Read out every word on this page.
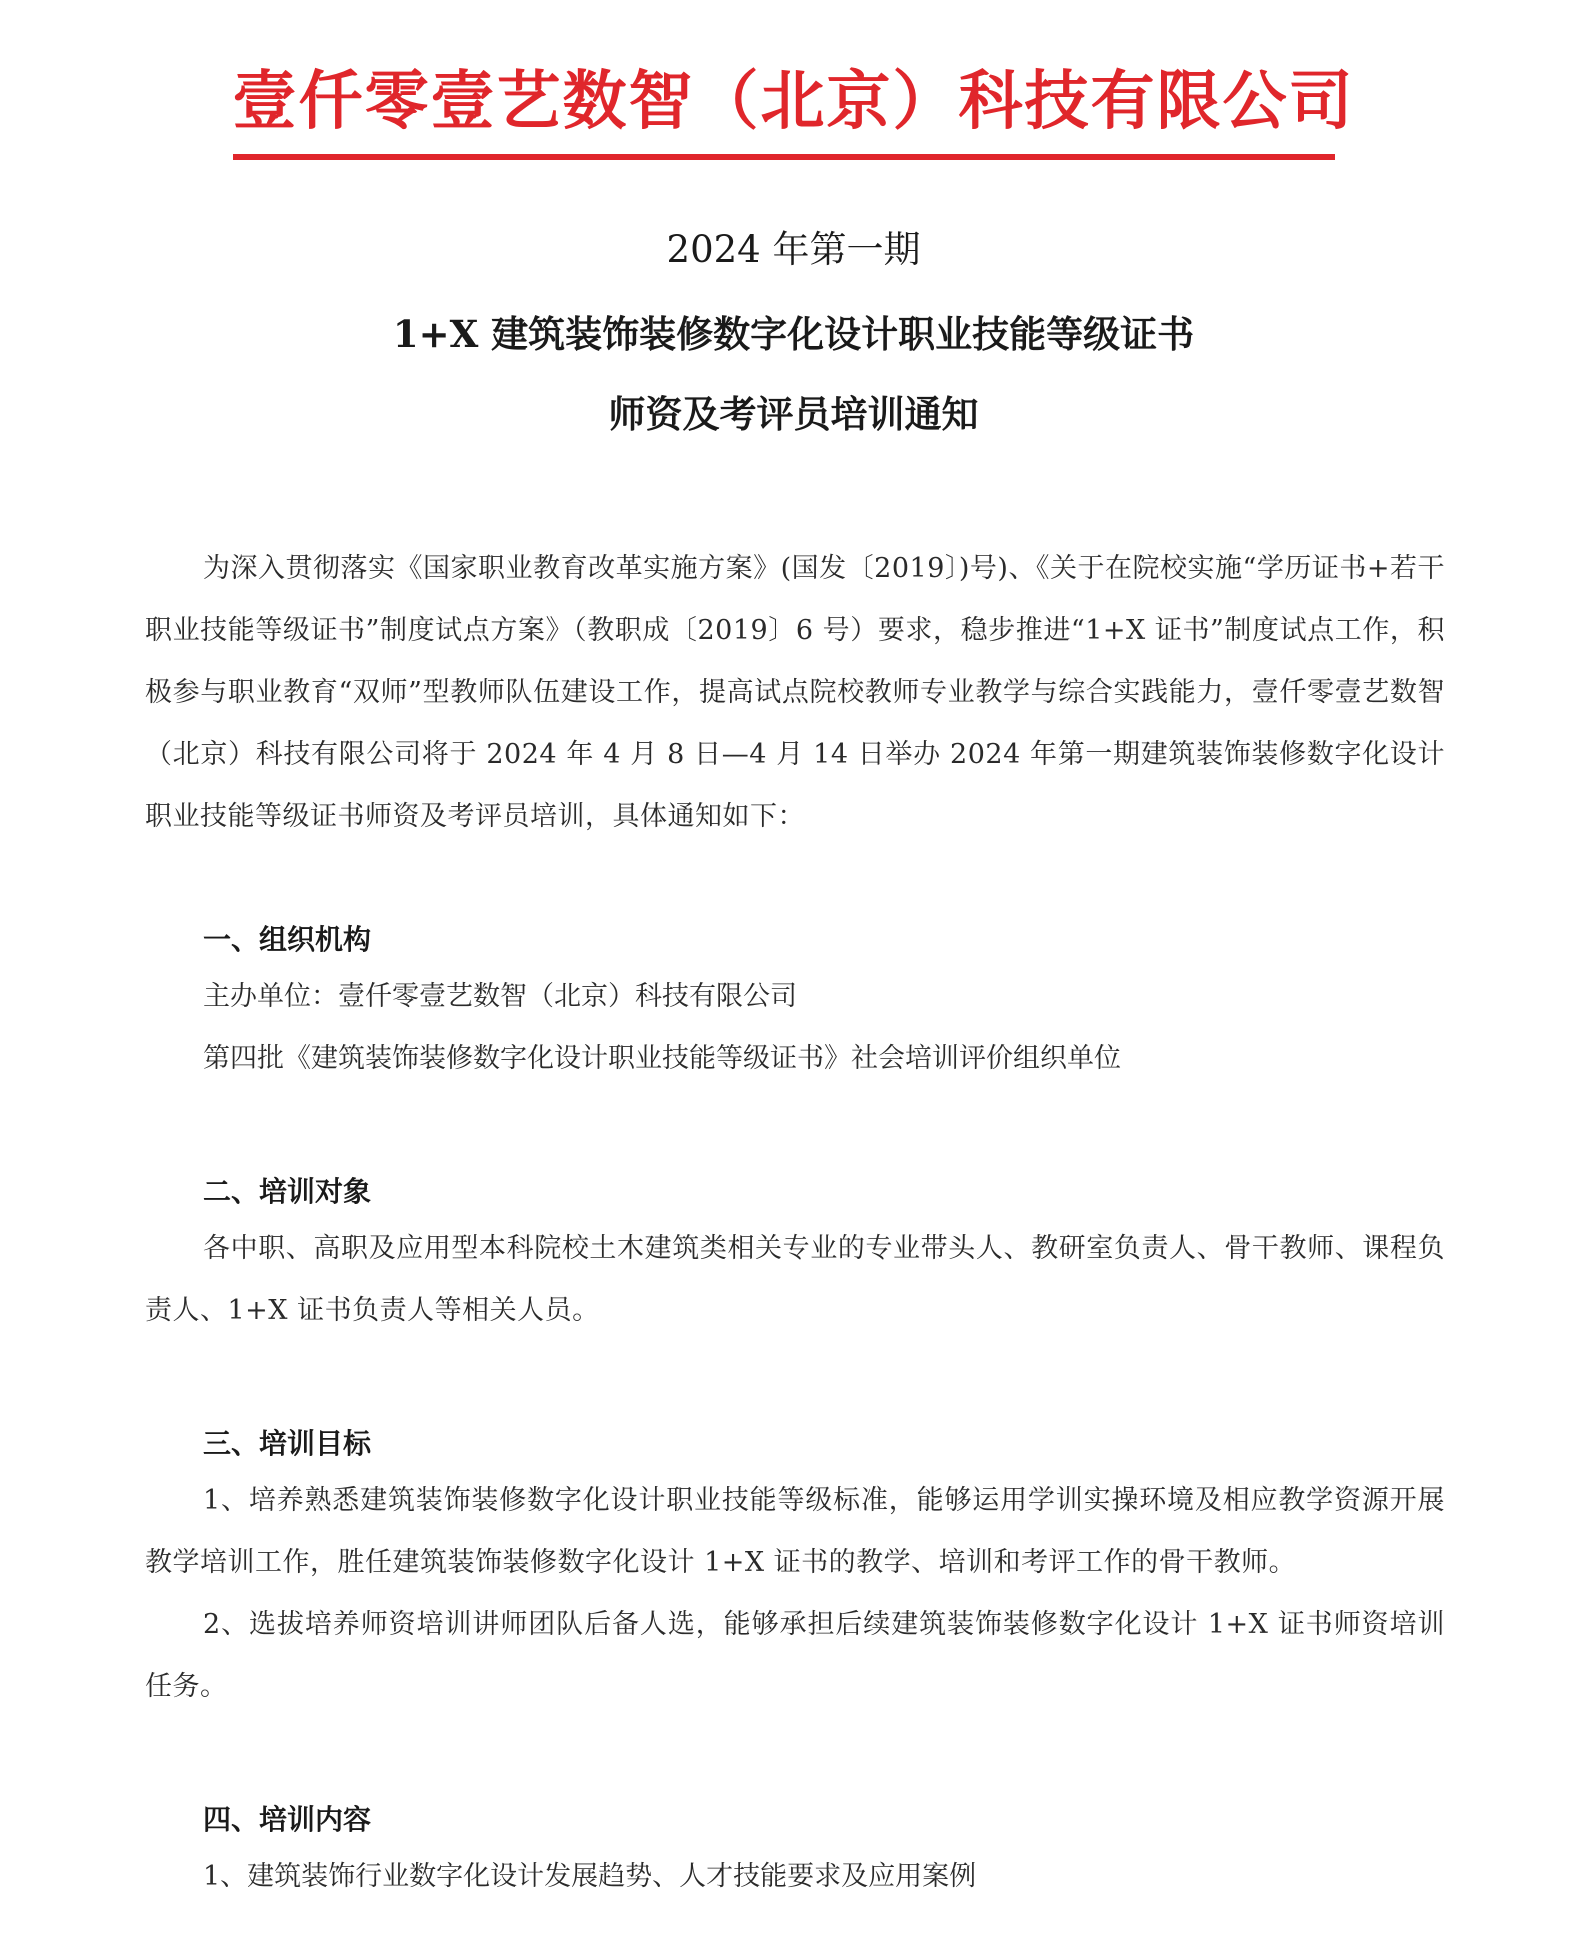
壹仟零壹艺数智（北京）科技有限公司
2024 年第一期
1+X 建筑装饰装修数字化设计职业技能等级证书
师资及考评员培训通知
为深入贯彻落实《国家职业教育改革实施方案》(国发〔2019〕)号)、《关于在院校实施“学历证书+若干职业技能等级证书”制度试点方案》（教职成〔2019〕6 号）要求，稳步推进“1+X 证书”制度试点工作，积极参与职业教育“双师”型教师队伍建设工作，提高试点院校教师专业教学与综合实践能力，壹仟零壹艺数智（北京）科技有限公司将于 2024 年 4 月 8 日—4 月 14 日举办 2024 年第一期建筑装饰装修数字化设计职业技能等级证书师资及考评员培训，具体通知如下：
一、组织机构
主办单位：壹仟零壹艺数智（北京）科技有限公司
第四批《建筑装饰装修数字化设计职业技能等级证书》社会培训评价组织单位
二、培训对象
各中职、高职及应用型本科院校土木建筑类相关专业的专业带头人、教研室负责人、骨干教师、课程负责人、1+X 证书负责人等相关人员。
三、培训目标
1、培养熟悉建筑装饰装修数字化设计职业技能等级标准，能够运用学训实操环境及相应教学资源开展教学培训工作，胜任建筑装饰装修数字化设计 1+X 证书的教学、培训和考评工作的骨干教师。
2、选拔培养师资培训讲师团队后备人选，能够承担后续建筑装饰装修数字化设计 1+X 证书师资培训任务。
四、培训内容
1、建筑装饰行业数字化设计发展趋势、人才技能要求及应用案例
